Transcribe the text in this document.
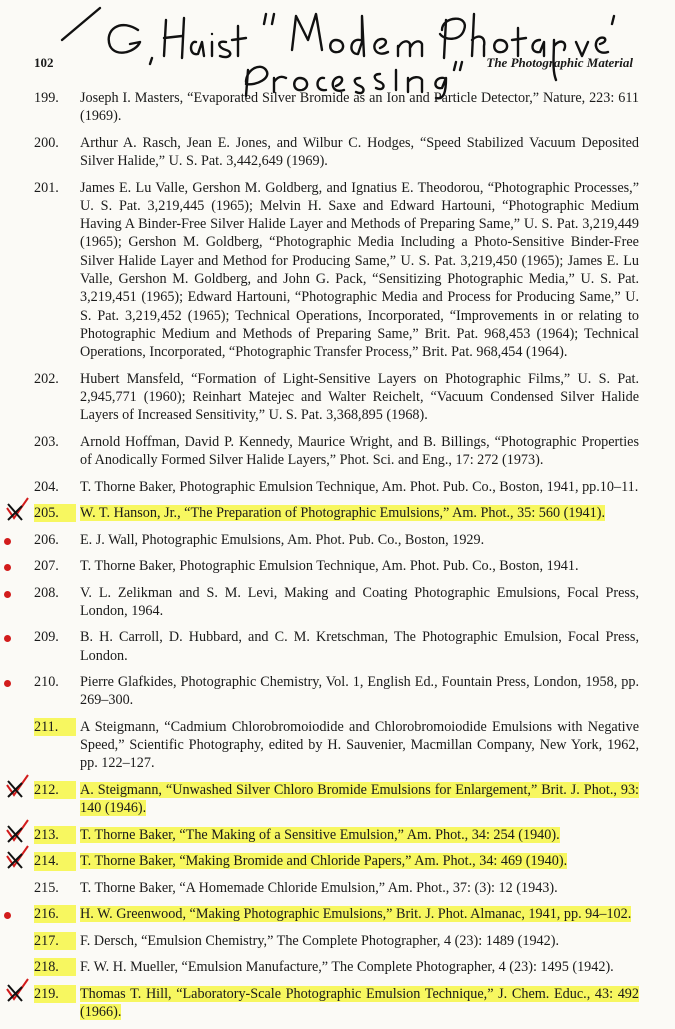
102	The Photographic Material
199.	Joseph I. Masters, “Evaporated Silver Bromide as an Ion and Particle Detector,” Nature, 223: 611 (1969).
200.	Arthur A. Rasch, Jean E. Jones, and Wilbur C. Hodges, “Speed Stabilized Vacuum Deposited Silver Halide,” U. S. Pat. 3,442,649 (1969).
201.	James E. Lu Valle, Gershon M. Goldberg, and Ignatius E. Theodorou, “Photographic Processes,” U. S. Pat. 3,219,445 (1965); Melvin H. Saxe and Edward Hartouni, “Photographic Medium Having A Binder-Free Silver Halide Layer and Methods of Preparing Same,” U. S. Pat. 3,219,449 (1965); Gershon M. Goldberg, “Photographic Media Including a Photo-Sensitive Binder-Free Silver Halide Layer and Method for Producing Same,” U. S. Pat. 3,219,450 (1965); James E. Lu Valle, Gershon M. Goldberg, and John G. Pack, “Sensitizing Photographic Media,” U. S. Pat. 3,219,451 (1965); Edward Hartouni, “Photographic Media and Process for Producing Same,” U. S. Pat. 3,219,452 (1965); Technical Operations, Incorporated, “Improvements in or relating to Photographic Medium and Methods of Preparing Same,” Brit. Pat. 968,453 (1964); Technical Operations, Incorporated, “Photographic Transfer Process,” Brit. Pat. 968,454 (1964).
202.	Hubert Mansfeld, “Formation of Light-Sensitive Layers on Photographic Films,” U. S. Pat. 2,945,771 (1960); Reinhart Matejec and Walter Reichelt, “Vacuum Condensed Silver Halide Layers of Increased Sensitivity,” U. S. Pat. 3,368,895 (1968).
203.	Arnold Hoffman, David P. Kennedy, Maurice Wright, and B. Billings, “Photographic Properties of Anodically Formed Silver Halide Layers,” Phot. Sci. and Eng., 17: 272 (1973).
204.	T. Thorne Baker, Photographic Emulsion Technique, Am. Phot. Pub. Co., Boston, 1941, pp.10–11.
205.	W. T. Hanson, Jr., “The Preparation of Photographic Emulsions,” Am. Phot., 35: 560 (1941).
206.	E. J. Wall, Photographic Emulsions, Am. Phot. Pub. Co., Boston, 1929.
207.	T. Thorne Baker, Photographic Emulsion Technique, Am. Phot. Pub. Co., Boston, 1941.
208.	V. L. Zelikman and S. M. Levi, Making and Coating Photographic Emulsions, Focal Press, London, 1964.
209.	B. H. Carroll, D. Hubbard, and C. M. Kretschman, The Photographic Emulsion, Focal Press, London.
210.	Pierre Glafkides, Photographic Chemistry, Vol. 1, English Ed., Fountain Press, London, 1958, pp. 269–300.
211.	A Steigmann, “Cadmium Chlorobromoiodide and Chlorobromoiodide Emulsions with Negative Speed,” Scientific Photography, edited by H. Sauvenier, Macmillan Company, New York, 1962, pp. 122–127.
212.	A. Steigmann, “Unwashed Silver Chloro Bromide Emulsions for Enlargement,” Brit. J. Phot., 93: 140 (1946).
213.	T. Thorne Baker, “The Making of a Sensitive Emulsion,” Am. Phot., 34: 254 (1940).
214.	T. Thorne Baker, “Making Bromide and Chloride Papers,” Am. Phot., 34: 469 (1940).
215.	T. Thorne Baker, “A Homemade Chloride Emulsion,” Am. Phot., 37: (3): 12 (1943).
216.	H. W. Greenwood, “Making Photographic Emulsions,” Brit. J. Phot. Almanac, 1941, pp. 94–102.
217.	F. Dersch, “Emulsion Chemistry,” The Complete Photographer, 4 (23): 1489 (1942).
218.	F. W. H. Mueller, “Emulsion Manufacture,” The Complete Photographer, 4 (23): 1495 (1942).
219.	Thomas T. Hill, “Laboratory-Scale Photographic Emulsion Technique,” J. Chem. Educ., 43: 492 (1966).
